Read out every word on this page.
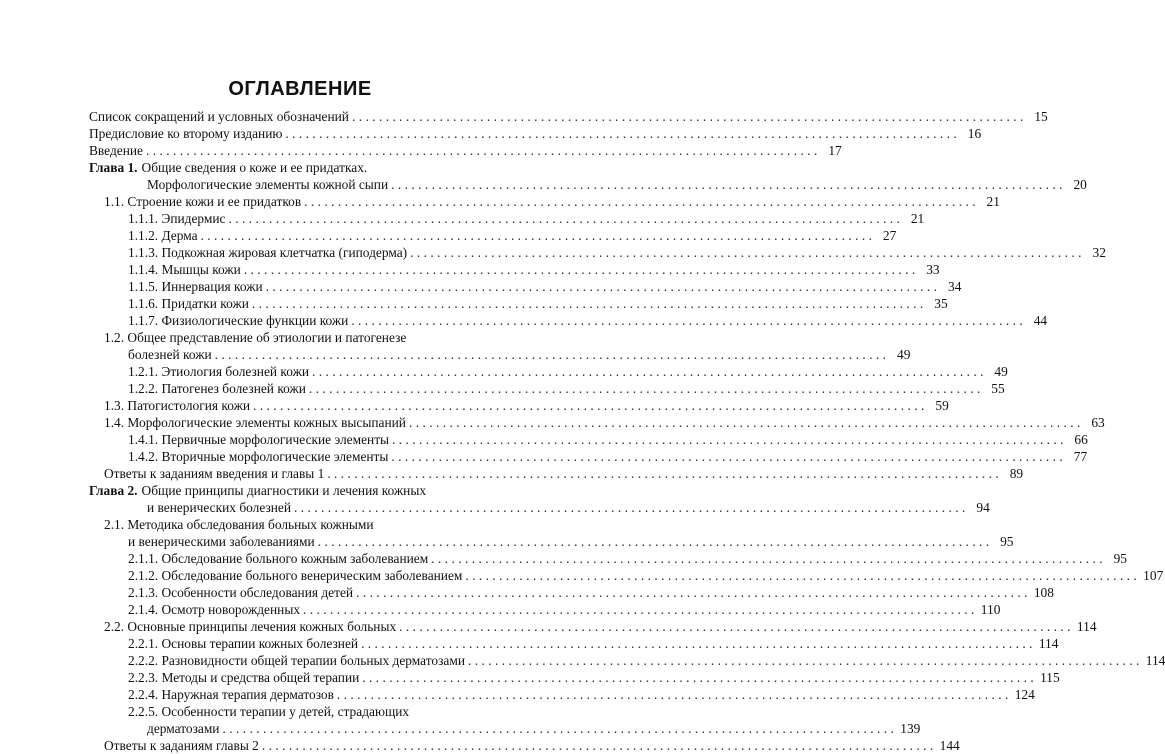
ОГЛАВЛЕНИЕ
Список сокращений и условных обозначений .................................................................................................... 15
Предисловие ко второму изданию .................................................................................................... 16
Введение .................................................................................................... 17
Глава 1. Общие сведения о коже и ее придатках.
Морфологические элементы кожной сыпи .................................................................................................... 20
1.1. Строение кожи и ее придатков .................................................................................................... 21
1.1.1. Эпидермис .................................................................................................... 21
1.1.2. Дерма .................................................................................................... 27
1.1.3. Подкожная жировая клетчатка (гиподерма) .................................................................................................... 32
1.1.4. Мышцы кожи .................................................................................................... 33
1.1.5. Иннервация кожи .................................................................................................... 34
1.1.6. Придатки кожи .................................................................................................... 35
1.1.7. Физиологические функции кожи .................................................................................................... 44
1.2. Общее представление об этиологии и патогенезе
болезней кожи .................................................................................................... 49
1.2.1. Этиология болезней кожи .................................................................................................... 49
1.2.2. Патогенез болезней кожи .................................................................................................... 55
1.3. Патогистология кожи .................................................................................................... 59
1.4. Морфологические элементы кожных высыпаний .................................................................................................... 63
1.4.1. Первичные морфологические элементы .................................................................................................... 66
1.4.2. Вторичные морфологические элементы .................................................................................................... 77
Ответы к заданиям введения и главы 1 .................................................................................................... 89
Глава 2. Общие принципы диагностики и лечения кожных
и венерических болезней .................................................................................................... 94
2.1. Методика обследования больных кожными
и венерическими заболеваниями .................................................................................................... 95
2.1.1. Обследование больного кожным заболеванием .................................................................................................... 95
2.1.2. Обследование больного венерическим заболеванием .................................................................................................... 107
2.1.3. Особенности обследования детей .................................................................................................... 108
2.1.4. Осмотр новорожденных .................................................................................................... 110
2.2. Основные принципы лечения кожных больных .................................................................................................... 114
2.2.1. Основы терапии кожных болезней .................................................................................................... 114
2.2.2. Разновидности общей терапии больных дерматозами .................................................................................................... 114
2.2.3. Методы и средства общей терапии .................................................................................................... 115
2.2.4. Наружная терапия дерматозов .................................................................................................... 124
2.2.5. Особенности терапии у детей, страдающих
дерматозами .................................................................................................... 139
Ответы к заданиям главы 2 .................................................................................................... 144
